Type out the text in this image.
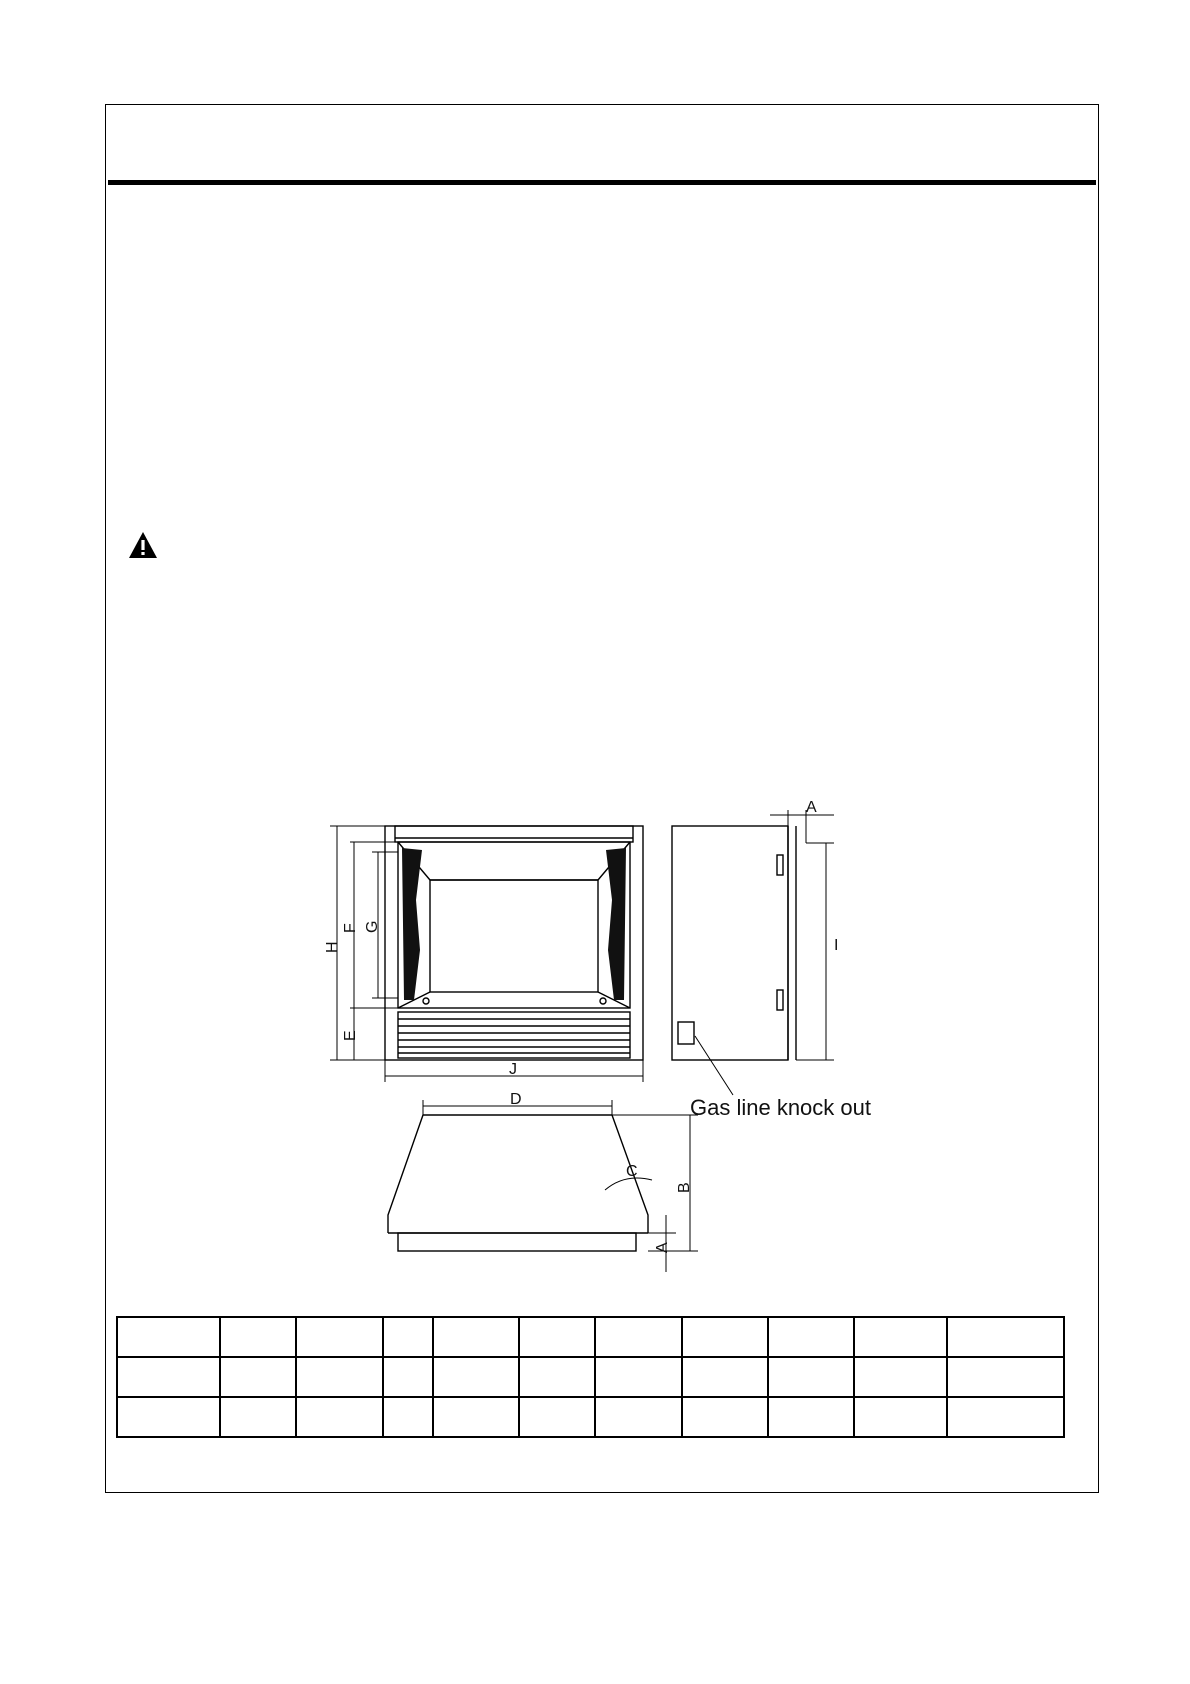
A
H
F G
E
J
I
D
C
B
A
Gas line knock out
